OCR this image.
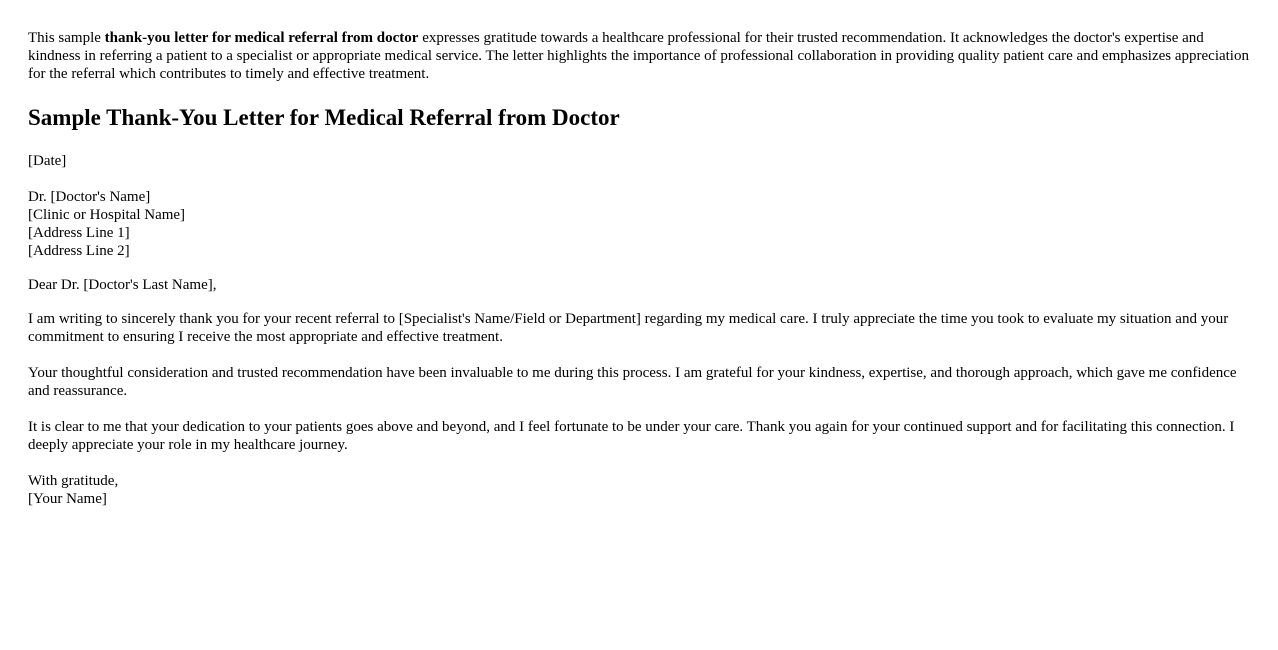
This sample thank-you letter for medical referral from doctor expresses gratitude towards a healthcare professional for their trusted recommendation. It acknowledges the doctor's expertise and kindness in referring a patient to a specialist or appropriate medical service. The letter highlights the importance of professional collaboration in providing quality patient care and emphasizes appreciation for the referral which contributes to timely and effective treatment.

Sample Thank-You Letter for Medical Referral from Doctor

[Date]

Dr. [Doctor's Name]
[Clinic or Hospital Name]
[Address Line 1]
[Address Line 2]

Dear Dr. [Doctor's Last Name],

I am writing to sincerely thank you for your recent referral to [Specialist's Name/Field or Department] regarding my medical care. I truly appreciate the time you took to evaluate my situation and your commitment to ensuring I receive the most appropriate and effective treatment.

Your thoughtful consideration and trusted recommendation have been invaluable to me during this process. I am grateful for your kindness, expertise, and thorough approach, which gave me confidence and reassurance.

It is clear to me that your dedication to your patients goes above and beyond, and I feel fortunate to be under your care. Thank you again for your continued support and for facilitating this connection. I deeply appreciate your role in my healthcare journey.

With gratitude,
[Your Name]
